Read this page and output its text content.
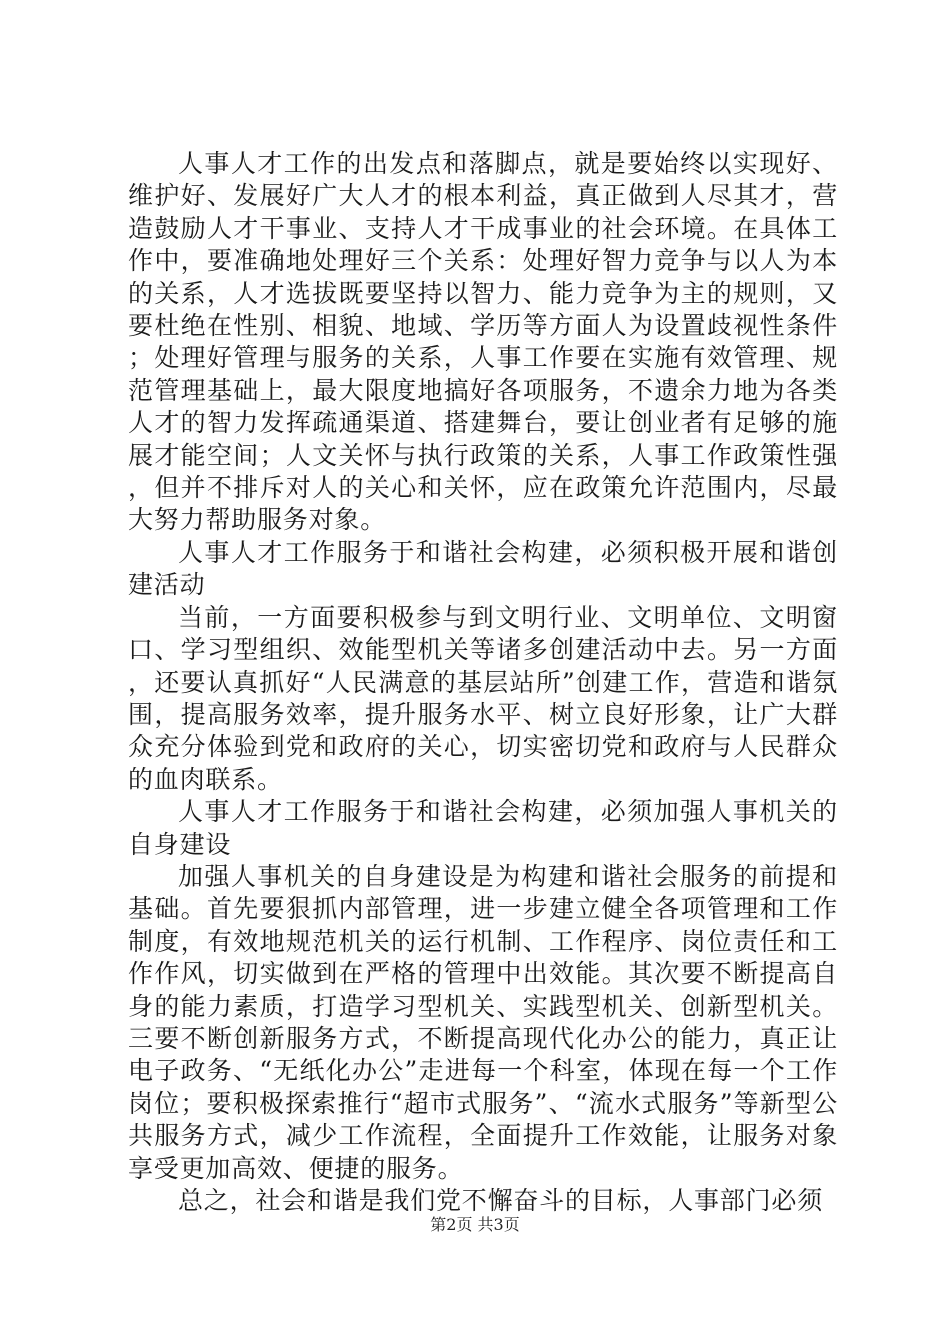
人事人才工作的出发点和落脚点，就是要始终以实现好、维护好、发展好广大人才的根本利益，真正做到人尽其才，营造鼓励人才干事业、支持人才干成事业的社会环境。在具体工作中，要准确地处理好三个关系：处理好智力竞争与以人为本的关系，人才选拔既要坚持以智力、能力竞争为主的规则，又要杜绝在性别、相貌、地域、学历等方面人为设置歧视性条件；处理好管理与服务的关系，人事工作要在实施有效管理、规范管理基础上，最大限度地搞好各项服务，不遗余力地为各类人才的智力发挥疏通渠道、搭建舞台，要让创业者有足够的施展才能空间；人文关怀与执行政策的关系，人事工作政策性强，但并不排斥对人的关心和关怀，应在政策允许范围内，尽最大努力帮助服务对象。

人事人才工作服务于和谐社会构建，必须积极开展和谐创建活动

当前，一方面要积极参与到文明行业、文明单位、文明窗口、学习型组织、效能型机关等诸多创建活动中去。另一方面，还要认真抓好“人民满意的基层站所”创建工作，营造和谐氛围，提高服务效率，提升服务水平、树立良好形象，让广大群众充分体验到党和政府的关心，切实密切党和政府与人民群众的血肉联系。

人事人才工作服务于和谐社会构建，必须加强人事机关的自身建设

加强人事机关的自身建设是为构建和谐社会服务的前提和基础。首先要狠抓内部管理，进一步建立健全各项管理和工作制度，有效地规范机关的运行机制、工作程序、岗位责任和工作作风，切实做到在严格的管理中出效能。其次要不断提高自身的能力素质，打造学习型机关、实践型机关、创新型机关。三要不断创新服务方式，不断提高现代化办公的能力，真正让电子政务、“无纸化办公”走进每一个科室，体现在每一个工作岗位；要积极探索推行“超市式服务”、“流水式服务”等新型公共服务方式，减少工作流程，全面提升工作效能，让服务对象享受更加高效、便捷的服务。

总之，社会和谐是我们党不懈奋斗的目标，人事部门必须

第2页 共3页
